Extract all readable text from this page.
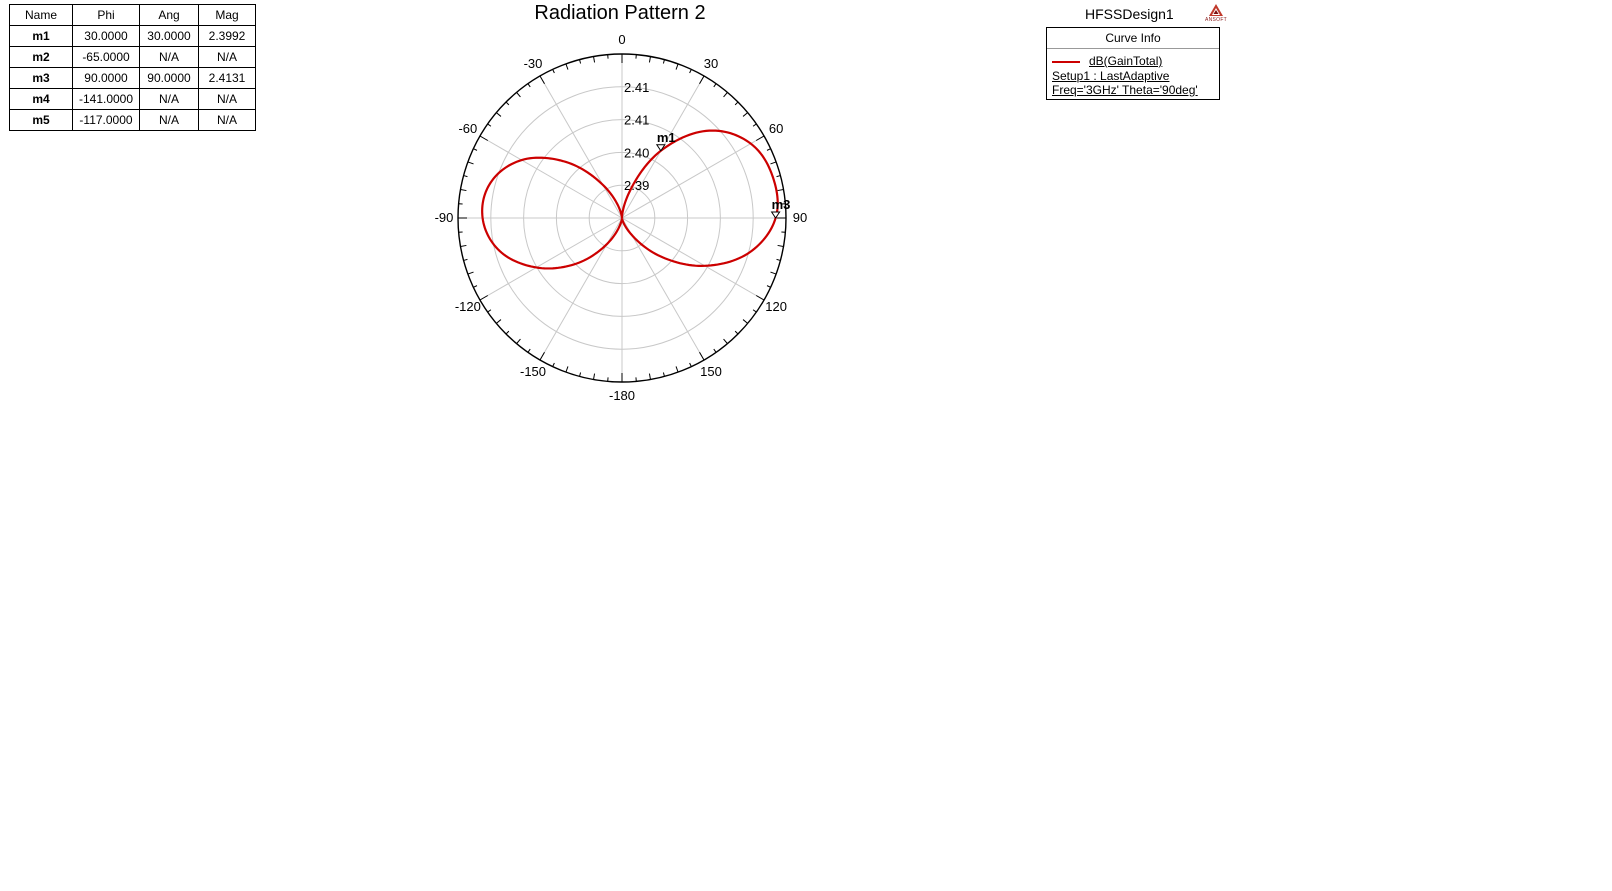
Name	Phi	Ang	Mag
m1	30.0000	30.0000	2.3992
m2	-65.0000	N/A	N/A
m3	90.0000	90.0000	2.4131
m4	-141.0000	N/A	N/A
m5	-117.0000	N/A	N/A
Radiation Pattern 2	HFSSDesign1	ANSOFT
Curve Info
dB(GainTotal)
Setup1 : LastAdaptive
Freq='3GHz' Theta='90deg'
0
30
60
90
120
150
-180
-150
-120
-90
-60
-30
2.41
2.41
2.40
2.39
m1
m3
